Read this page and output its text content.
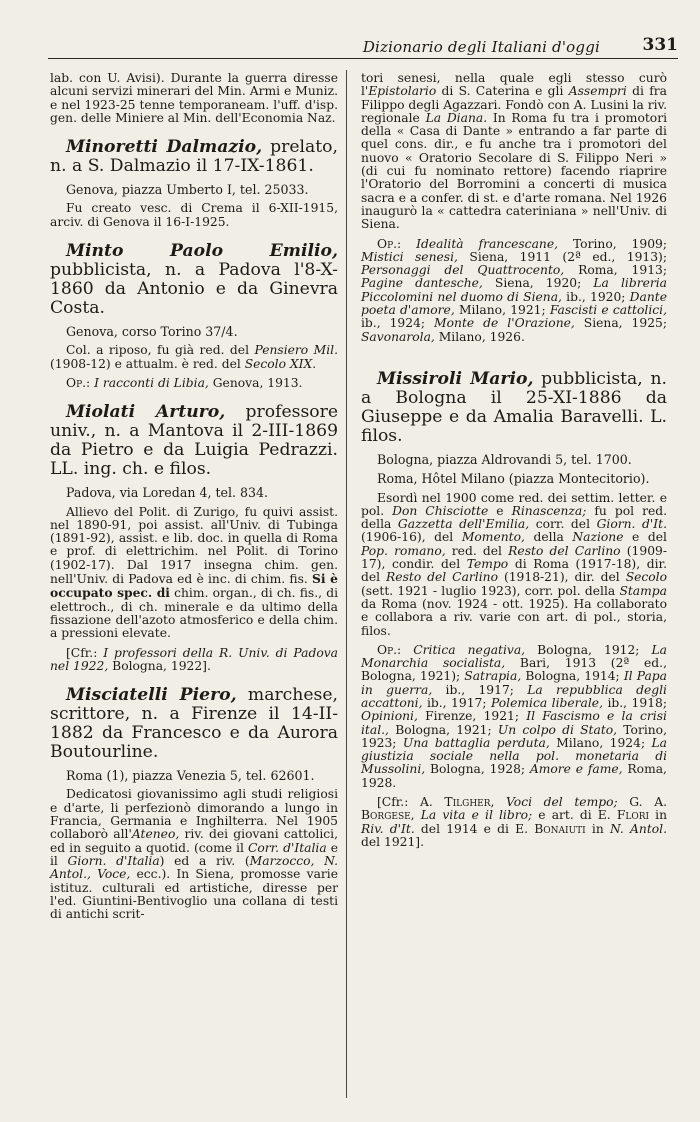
Dizionario degli Italiani d'oggi	331

lab. con U. Avisi). Durante la guerra diresse alcuni servizi minerari del Min. Armi e Muniz. e nel 1923-25 tenne temporaneam. l'uff. d'isp. gen. delle Miniere al Min. dell'Economia Naz.

Minoretti Dalmazio, prelato, n. a S. Dalmazio il 17-IX-1861.

Genova, piazza Umberto I, tel. 25033.

Fu creato vesc. di Crema il 6-XII-1915, arciv. di Genova il 16-I-1925.

Minto Paolo Emilio, pubblicista, n. a Padova l'8-X-1860 da Antonio e da Ginevra Costa.

Genova, corso Torino 37/4.

Col. a riposo, fu già red. del Pensiero Mil. (1908-12) e attualm. è red. del Secolo XIX.

Op.: I racconti di Libia, Genova, 1913.

Miolati Arturo, professore univ., n. a Mantova il 2-III-1869 da Pietro e da Luigia Pedrazzi. LL. ing. ch. e filos.

Padova, via Loredan 4, tel. 834.

Allievo del Polit. di Zurigo, fu quivi assist. nel 1890-91, poi assist. all'Univ. di Tubinga (1891-92), assist. e lib. doc. in quella di Roma e prof. di elettrichim. nel Polit. di Torino (1902-17). Dal 1917 insegna chim. gen. nell'Univ. di Padova ed è inc. di chim. fis. Si è occupato spec. di chim. organ., di ch. fis., di elettroch., di ch. minerale e da ultimo della fissazione dell'azoto atmosferico e della chim. a pressioni elevate.

[Cfr.: I professori della R. Univ. di Padova nel 1922, Bologna, 1922].

Misciatelli Piero, marchese, scrittore, n. a Firenze il 14-II-1882 da Francesco e da Aurora Boutourline.

Roma (1), piazza Venezia 5, tel. 62601.

Dedicatosi giovanissimo agli studi religiosi e d'arte, li perfezionò dimorando a lungo in Francia, Germania e Inghilterra. Nel 1905 collaborò all'Ateneo, riv. dei giovani cattolici, ed in seguito a quotid. (come il Corr. d'Italia e il Giorn. d'Italia) ed a riv. (Marzocco, N. Antol., Voce, ecc.). In Siena, promosse varie istituz. culturali ed artistiche, diresse per l'ed. Giuntini-Bentivoglio una collana di testi di antichi scrit-

tori senesi, nella quale egli stesso curò l'Epistolario di S. Caterina e gli Assempri di fra Filippo degli Agazzari. Fondò con A. Lusini la riv. regionale La Diana. In Roma fu tra i promotori della « Casa di Dante » entrando a far parte di quel cons. dir., e fu anche tra i promotori del nuovo « Oratorio Secolare di S. Filippo Neri » (di cui fu nominato rettore) facendo riaprire l'Oratorio del Borromini a concerti di musica sacra e a confer. di st. e d'arte romana. Nel 1926 inaugurò la « cattedra cateriniana » nell'Univ. di Siena.

Op.: Idealità francescane, Torino, 1909; Mistici senesi, Siena, 1911 (2ª ed., 1913); Personaggi del Quattrocento, Roma, 1913; Pagine dantesche, Siena, 1920; La libreria Piccolomini nel duomo di Siena, ib., 1920; Dante poeta d'amore, Milano, 1921; Fascisti e cattolici, ib., 1924; Monte de l'Orazione, Siena, 1925; Savonarola, Milano, 1926.

Missiroli Mario, pubblicista, n. a Bologna il 25-XI-1886 da Giuseppe e da Amalia Baravelli. L. filos.

Bologna, piazza Aldrovandi 5, tel. 1700.

Roma, Hôtel Milano (piazza Montecitorio).

Esordì nel 1900 come red. dei settim. letter. e pol. Don Chisciotte e Rinascenza; fu pol red. della Gazzetta dell'Emilia, corr. del Giorn. d'It. (1906-16), del Momento, della Nazione e del Pop. romano, red. del Resto del Carlino (1909-17), condir. del Tempo di Roma (1917-18), dir. del Resto del Carlino (1918-21), dir. del Secolo (sett. 1921 - luglio 1923), corr. pol. della Stampa da Roma (nov. 1924 - ott. 1925). Ha collaborato e collabora a riv. varie con art. di pol., storia, filos.

Op.: Critica negativa, Bologna, 1912; La Monarchia socialista, Bari, 1913 (2ª ed., Bologna, 1921); Satrapia, Bologna, 1914; Il Papa in guerra, ib., 1917; La repubblica degli accattoni, ib., 1917; Polemica liberale, ib., 1918; Opinioni, Firenze, 1921; Il Fascismo e la crisi ital., Bologna, 1921; Un colpo di Stato, Torino, 1923; Una battaglia perduta, Milano, 1924; La giustizia sociale nella pol. monetaria di Mussolini, Bologna, 1928; Amore e fame, Roma, 1928.

[Cfr.: A. Tilgher, Voci del tempo; G. A. Borgese, La vita e il libro; e art. di E. Flori in Riv. d'It. del 1914 e di E. Bonaiuti in N. Antol. del 1921].
